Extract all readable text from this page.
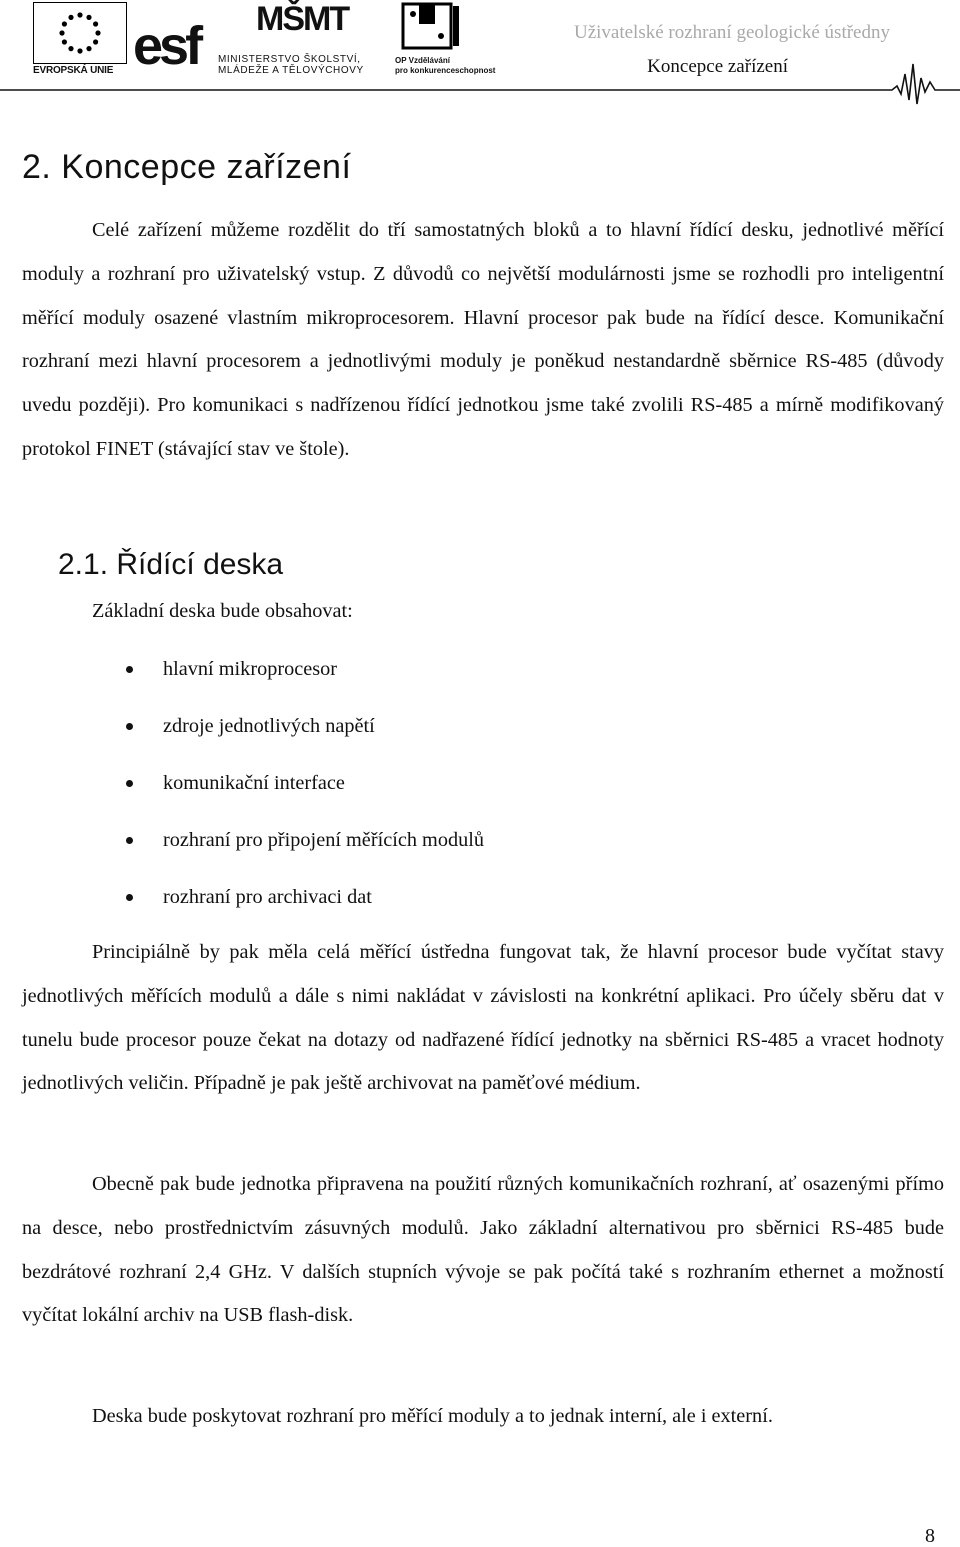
EVROPSKÁ UNIE esf MŠMT
MINISTERSTVO ŠKOLSTVÍ,
MLÁDEŽE A TĚLOVÝCHOVY
OP Vzdělávání
pro konkurenceschopnost
Uživatelské rozhraní geologické ústředny
Koncepce zařízení
2. Koncepce zařízení

Celé zařízení můžeme rozdělit do tří samostatných bloků a to hlavní řídící desku, jednotlivé měřící moduly a rozhraní pro uživatelský vstup. Z důvodů co největší modulárnosti jsme se rozhodli pro inteligentní měřící moduly osazené vlastním mikroprocesorem. Hlavní procesor pak bude na řídící desce. Komunikační rozhraní mezi hlavní procesorem a jednotlivými moduly je poněkud nestandardně sběrnice RS-485 (důvody uvedu později). Pro komunikaci s nadřízenou řídící jednotkou jsme také zvolili RS-485 a mírně modifikovaný protokol FINET (stávající stav ve štole).

2.1. Řídící deska

Základní deska bude obsahovat:

hlavní mikroprocesor
zdroje jednotlivých napětí
komunikační interface
rozhraní pro připojení měřících modulů
rozhraní pro archivaci dat

Principiálně by pak měla celá měřící ústředna fungovat tak, že hlavní procesor bude vyčítat stavy jednotlivých měřících modulů a dále s nimi nakládat v závislosti na konkrétní aplikaci. Pro účely sběru dat v tunelu bude procesor pouze čekat na dotazy od nadřazené řídící jednotky na sběrnici RS-485 a vracet hodnoty jednotlivých veličin. Případně je pak ještě archivovat na paměťové médium.

Obecně pak bude jednotka připravena na použití různých komunikačních rozhraní, ať osazenými přímo na desce, nebo prostřednictvím zásuvných modulů. Jako základní alternativou pro sběrnici RS-485 bude bezdrátové rozhraní 2,4 GHz. V dalších stupních vývoje se pak počítá také s rozhraním ethernet a možností vyčítat lokální archiv na USB flash-disk.

Deska bude poskytovat rozhraní pro měřící moduly a to jednak interní, ale i externí.

8
